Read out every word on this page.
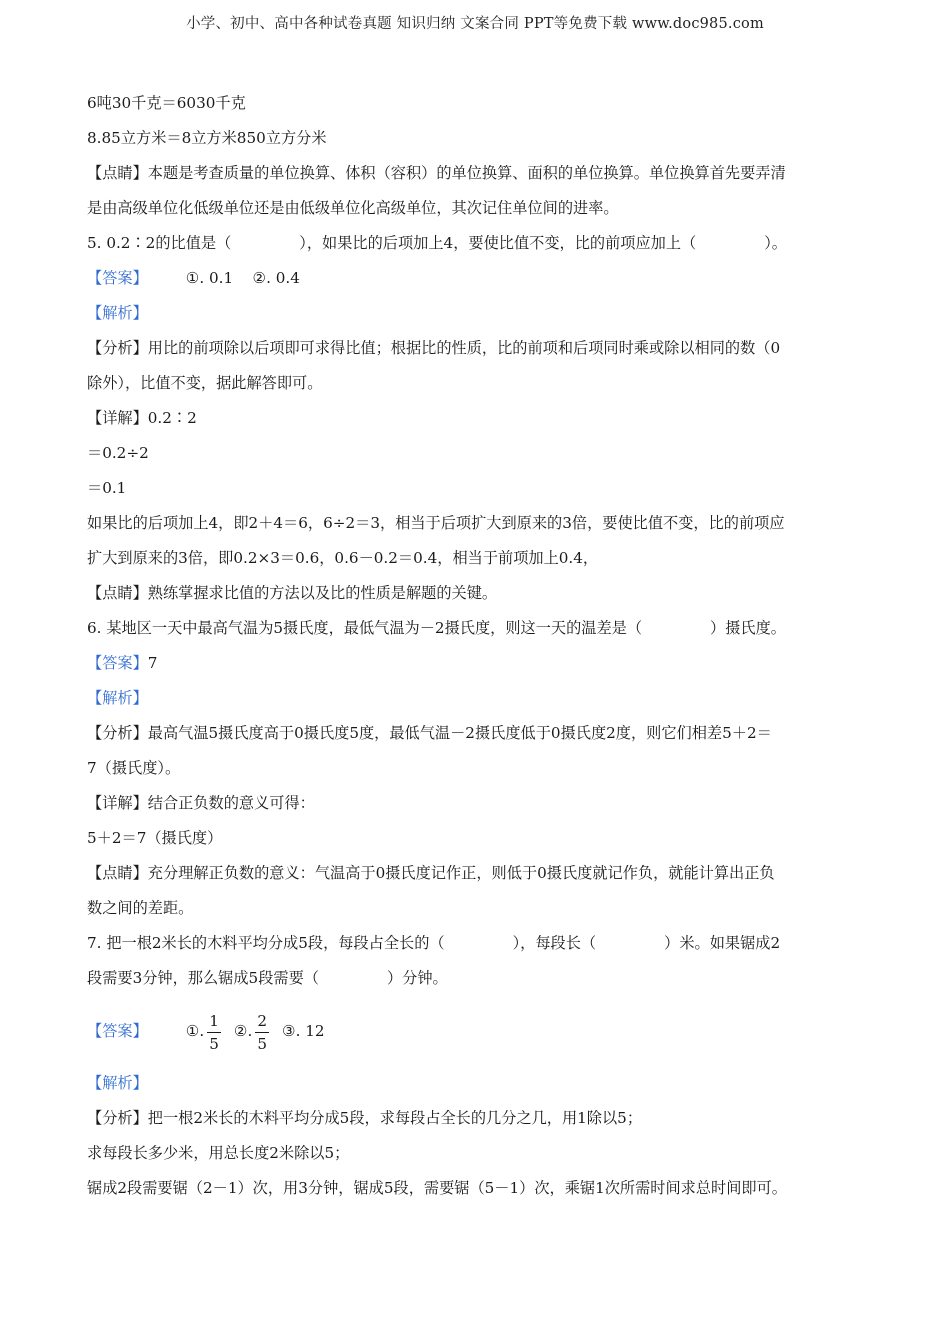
小学、初中、高中各种试卷真题 知识归纳 文案合同 PPT等免费下载 www.doc985.com
6吨30千克＝6030千克
8.85立方米＝8立方米850立方分米
【点睛】本题是考查质量的单位换算、体积（容积）的单位换算、面积的单位换算。单位换算首先要弄清
是由高级单位化低级单位还是由低级单位化高级单位，其次记住单位间的进率。
5. 0.2∶2的比值是（	），如果比的后项加上4，要使比值不变，比的前项应加上（	）。
【答案】	①. 0.1    ②. 0.4
【解析】
【分析】用比的前项除以后项即可求得比值；根据比的性质，比的前项和后项同时乘或除以相同的数（0
除外），比值不变，据此解答即可。
【详解】0.2∶2
＝0.2÷2
＝0.1
如果比的后项加上4，即2＋4＝6，6÷2＝3，相当于后项扩大到原来的3倍，要使比值不变，比的前项应
扩大到原来的3倍，即0.2×3＝0.6，0.6－0.2＝0.4，相当于前项加上0.4，
【点睛】熟练掌握求比值的方法以及比的性质是解题的关键。
6. 某地区一天中最高气温为5摄氏度，最低气温为－2摄氏度，则这一天的温差是（	）摄氏度。
【答案】7
【解析】
【分析】最高气温5摄氏度高于0摄氏度5度，最低气温－2摄氏度低于0摄氏度2度，则它们相差5＋2＝
7（摄氏度）。
【详解】结合正负数的意义可得：
5＋2＝7（摄氏度）
【点睛】充分理解正负数的意义：气温高于0摄氏度记作正，则低于0摄氏度就记作负，就能计算出正负
数之间的差距。
7. 把一根2米长的木料平均分成5段，每段占全长的（	），每段长（	）米。如果锯成2
段需要3分钟，那么锯成5段需要（	）分钟。
【答案】	①. $\frac{1}{5}$ ②. $\frac{2}{5}$ ③. 12
【解析】
【分析】把一根2米长的木料平均分成5段，求每段占全长的几分之几，用1除以5；
求每段长多少米，用总长度2米除以5；
锯成2段需要锯（2－1）次，用3分钟，锯成5段，需要锯（5－1）次，乘锯1次所需时间求总时间即可。
